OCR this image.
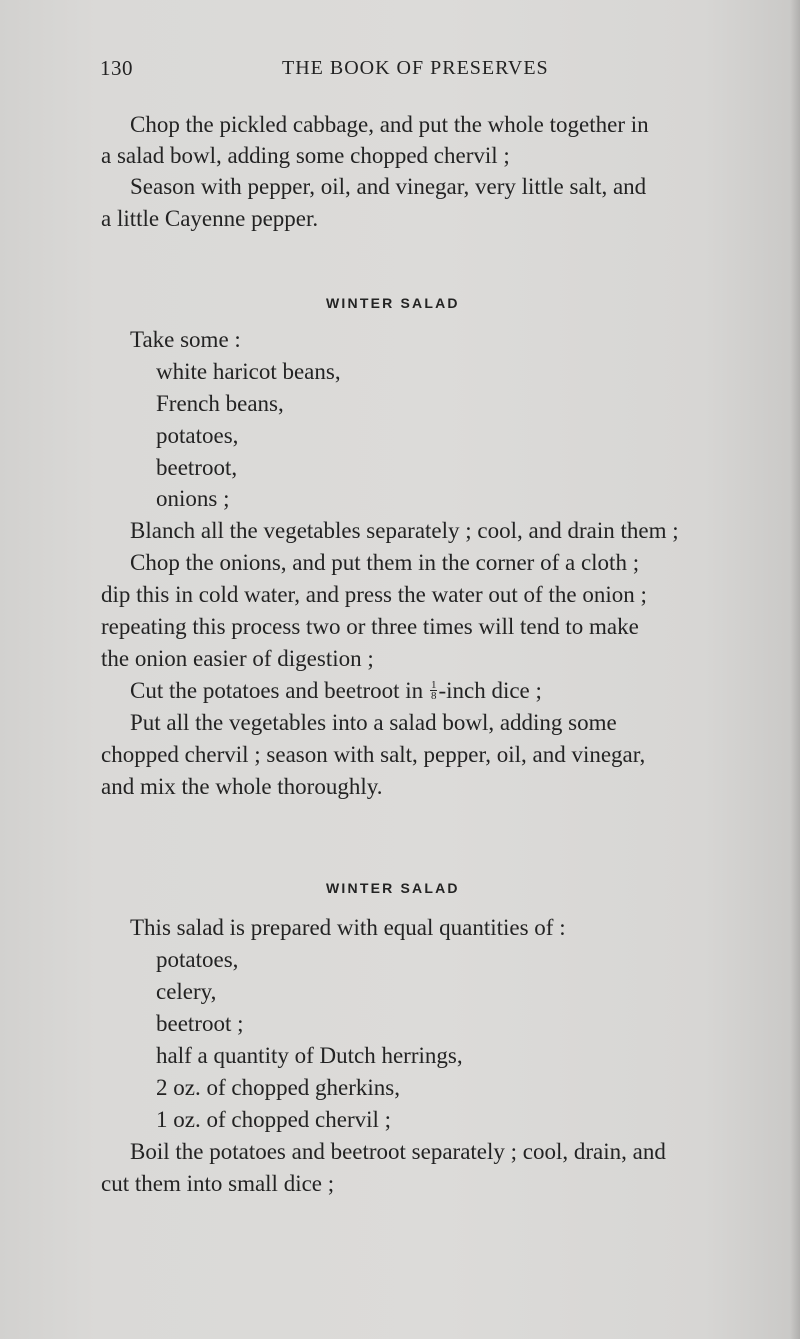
130	THE BOOK OF PRESERVES
Chop the pickled cabbage, and put the whole together in
a salad bowl, adding some chopped chervil ;
Season with pepper, oil, and vinegar, very little salt, and
a little Cayenne pepper.
WINTER SALAD
Take some :
white haricot beans,
French beans,
potatoes,
beetroot,
onions ;
Blanch all the vegetables separately ; cool, and drain them ;
Chop the onions, and put them in the corner of a cloth ;
dip this in cold water, and press the water out of the onion ;
repeating this process two or three times will tend to make
the onion easier of digestion ;
Cut the potatoes and beetroot in $\frac{1}{8}$ -inch dice ;
Put all the vegetables into a salad bowl, adding some
chopped chervil ; season with salt, pepper, oil, and vinegar,
and mix the whole thoroughly.
WINTER SALAD
This salad is prepared with equal quantities of :
potatoes,
celery,
beetroot ;
half a quantity of Dutch herrings,
2 oz. of chopped gherkins,
1 oz. of chopped chervil ;
Boil the potatoes and beetroot separately ; cool, drain, and
cut them into small dice ;
